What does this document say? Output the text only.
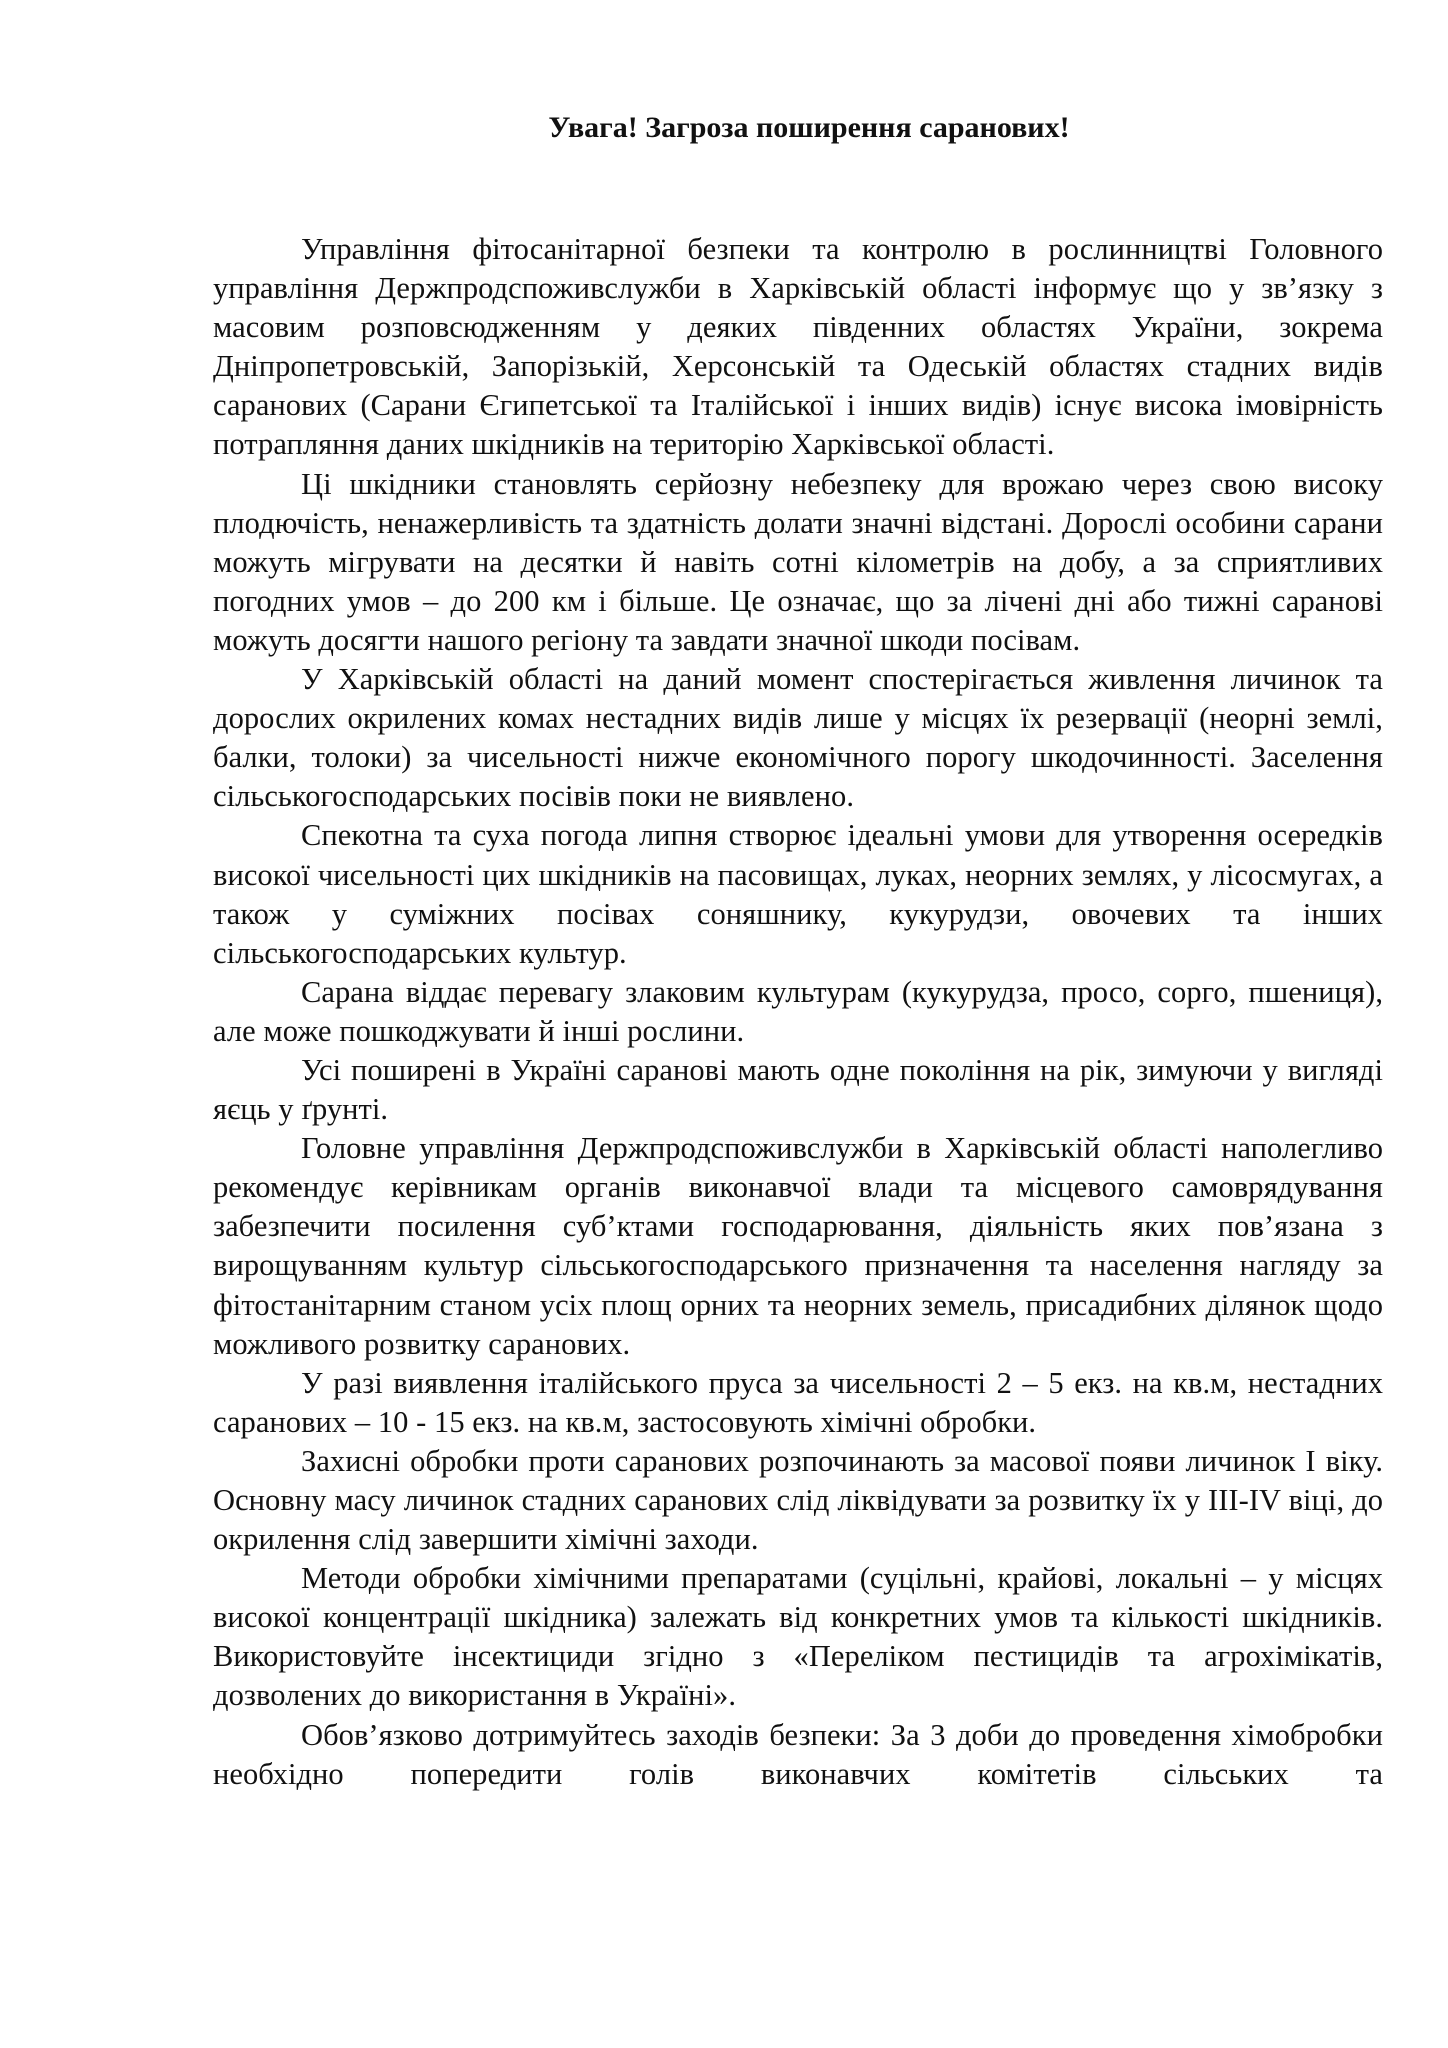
Увага! Загроза поширення саранових!

Управління фітосанітарної безпеки та контролю в рослинництві Головного управління Держпродспоживслужби в Харківській області інформує що у зв’язку з масовим розповсюдженням у деяких південних областях України, зокрема Дніпропетровській, Запорізькій, Херсонській та Одеській областях стадних видів саранових (Сарани Єгипетської та Італійської і інших видів) існує висока імовірність потрапляння даних шкідників на територію Харківської області.

Ці шкідники становлять серйозну небезпеку для врожаю через свою високу плодючість, ненажерливість та здатність долати значні відстані. Дорослі особини сарани можуть мігрувати на десятки й навіть сотні кілометрів на добу, а за сприятливих погодних умов – до 200 км і більше. Це означає, що за лічені дні або тижні саранові можуть досягти нашого регіону та завдати значної шкоди посівам.

У Харківській області на даний момент спостерігається живлення личинок та дорослих окрилених комах нестадних видів лише у місцях їх резервації (неорні землі, балки, толоки) за чисельності нижче економічного порогу шкодочинності. Заселення сільськогосподарських посівів поки не виявлено.

Спекотна та суха погода липня створює ідеальні умови для утворення осередків високої чисельності цих шкідників на пасовищах, луках, неорних землях, у лісосмугах, а також у суміжних посівах соняшнику, кукурудзи, овочевих та інших сільськогосподарських культур.

Сарана віддає перевагу злаковим культурам (кукурудза, просо, сорго, пшениця), але може пошкоджувати й інші рослини.

Усі поширені в Україні саранові мають одне покоління на рік, зимуючи у вигляді яєць у ґрунті.

Головне управління Держпродспоживслужби в Харківській області наполегливо рекомендує керівникам органів виконавчої влади та місцевого самоврядування забезпечити посилення суб’ктами господарювання, діяльність яких пов’язана з вирощуванням культур сільськогосподарського призначення та населення нагляду за фітостанітарним станом усіх площ орних та неорних земель, присадибних ділянок щодо можливого розвитку саранових.

У разі виявлення італійського пруса за чисельності 2 – 5 екз. на кв.м, нестадних саранових – 10 - 15 екз. на кв.м, застосовують хімічні обробки.

Захисні обробки проти саранових розпочинають за масової появи личинок I віку. Основну масу личинок стадних саранових слід ліквідувати за розвитку їх у III-IV віці, до окрилення слід завершити хімічні заходи.

Методи обробки хімічними препаратами (суцільні, крайові, локальні – у місцях високої концентрації шкідника) залежать від конкретних умов та кількості шкідників. Використовуйте інсектициди згідно з «Переліком пестицидів та агрохімікатів, дозволених до використання в Україні».

Обов’язково дотримуйтесь заходів безпеки: За 3 доби до проведення хімобробки необхідно попередити голів виконавчих комітетів сільських та
